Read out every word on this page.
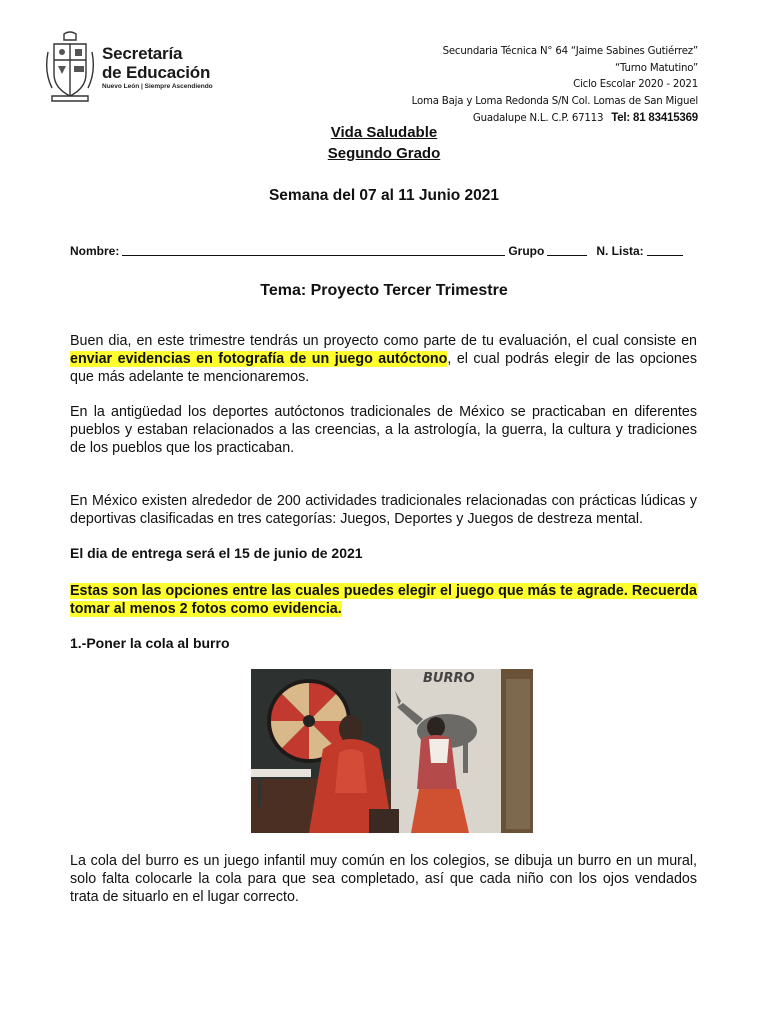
Secretaría
de Educación
Nuevo León | Siempre Ascendiendo
Secundaria Técnica N° 64 “Jaime Sabines Gutiérrez”
“Turno Matutino”
Ciclo Escolar 2020 - 2021
Loma Baja y Loma Redonda S/N Col. Lomas de San Miguel
Guadalupe N.L. C.P. 67113 Tel: 81 83415369
Vida Saludable
Segundo Grado
Semana del 07 al 11 Junio 2021
Nombre:	Grupo	N. Lista:
Tema: Proyecto Tercer Trimestre
Buen dia, en este trimestre tendrás un proyecto como parte de tu evaluación, el cual consiste en enviar evidencias en fotografía de un juego autóctono, el cual podrás elegir de las opciones que más adelante te mencionaremos.
En la antigüedad los deportes autóctonos tradicionales de México se practicaban en diferentes pueblos y estaban relacionados a las creencias, a la astrología, la guerra, la cultura y tradiciones de los pueblos que los practicaban.
En México existen alrededor de 200 actividades tradicionales relacionadas con prácticas lúdicas y deportivas clasificadas en tres categorías: Juegos, Deportes y Juegos de destreza mental.
El dia de entrega será el 15 de junio de 2021
Estas son las opciones entre las cuales puedes elegir el juego que más te agrade. Recuerda tomar al menos 2 fotos como evidencia.
1.-Poner la cola al burro
BURRO
La cola del burro es un juego infantil muy común en los colegios, se dibuja un burro en un mural, solo falta colocarle la cola para que sea completado, así que cada niño con los ojos vendados trata de situarlo en el lugar correcto.
